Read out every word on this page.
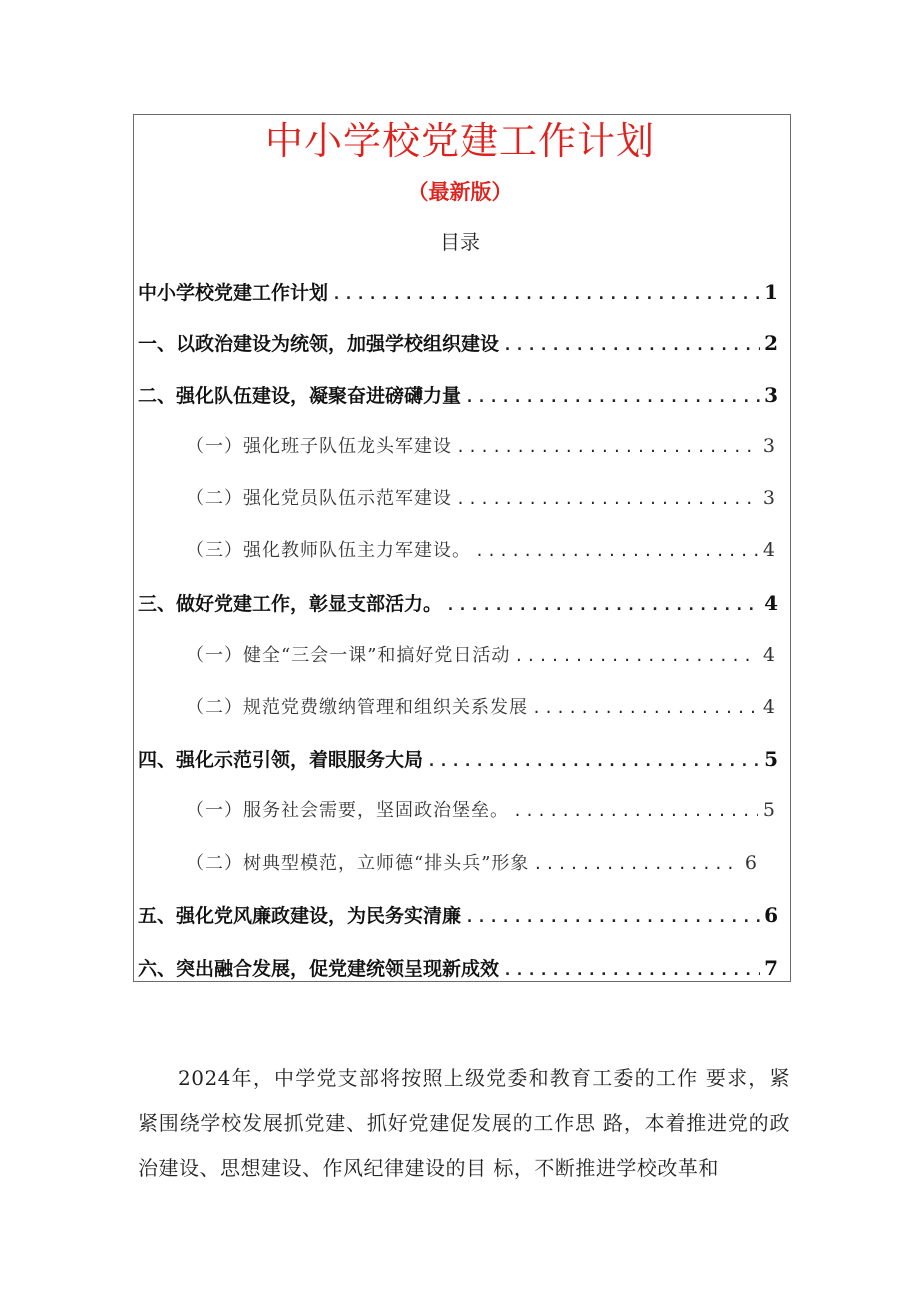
中小学校党建工作计划
（最新版）
目录
中小学校党建工作计划 .....	1
一、以政治建设为统领，加强学校组织建设 .....	2
二、强化队伍建设，凝聚奋进磅礴力量 .....	3
（一）强化班子队伍龙头军建设 .....	3
（二）强化党员队伍示范军建设 .....	3
（三）强化教师队伍主力军建设。 .....	4
三、做好党建工作，彰显支部活力。 .....	4
（一）健全“三会一课”和搞好党日活动 .....	4
（二）规范党费缴纳管理和组织关系发展 .....	4
四、强化示范引领，着眼服务大局 .....	5
（一）服务社会需要，坚固政治堡垒。 .....	5
（二）树典型模范，立师德“排头兵”形象 .....	6
五、强化党风廉政建设，为民务实清廉 .....	6
六、突出融合发展，促党建统领呈现新成效 .....	7

2024年，中学党支部将按照上级党委和教育工委的工作 要求，紧紧围绕学校发展抓党建、抓好党建促发展的工作思 路，本着推进党的政治建设、思想建设、作风纪律建设的目 标，不断推进学校改革和
